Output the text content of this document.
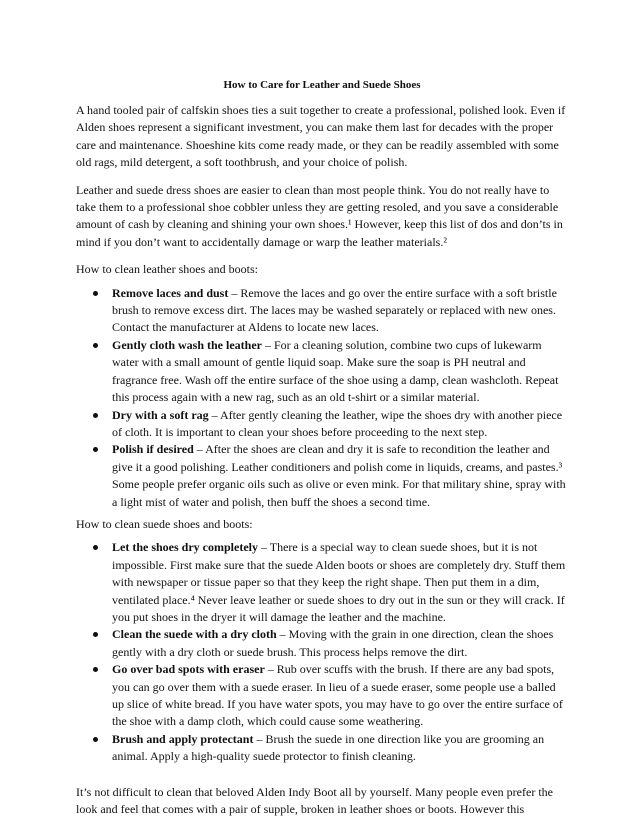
How to Care for Leather and Suede Shoes

A hand tooled pair of calfskin shoes ties a suit together to create a professional, polished look. Even if Alden shoes represent a significant investment, you can make them last for decades with the proper care and maintenance. Shoeshine kits come ready made, or they can be readily assembled with some old rags, mild detergent, a soft toothbrush, and your choice of polish.

Leather and suede dress shoes are easier to clean than most people think. You do not really have to take them to a professional shoe cobbler unless they are getting resoled, and you save a considerable amount of cash by cleaning and shining your own shoes.¹ However, keep this list of dos and don’ts in mind if you don’t want to accidentally damage or warp the leather materials.²

How to clean leather shoes and boots:

Remove laces and dust – Remove the laces and go over the entire surface with a soft bristle brush to remove excess dirt. The laces may be washed separately or replaced with new ones. Contact the manufacturer at Aldens to locate new laces.
Gently cloth wash the leather – For a cleaning solution, combine two cups of lukewarm water with a small amount of gentle liquid soap. Make sure the soap is PH neutral and fragrance free. Wash off the entire surface of the shoe using a damp, clean washcloth. Repeat this process again with a new rag, such as an old t-shirt or a similar material.
Dry with a soft rag – After gently cleaning the leather, wipe the shoes dry with another piece of cloth. It is important to clean your shoes before proceeding to the next step.
Polish if desired – After the shoes are clean and dry it is safe to recondition the leather and give it a good polishing. Leather conditioners and polish come in liquids, creams, and pastes.³ Some people prefer organic oils such as olive or even mink. For that military shine, spray with a light mist of water and polish, then buff the shoes a second time.

How to clean suede shoes and boots:

Let the shoes dry completely – There is a special way to clean suede shoes, but it is not impossible. First make sure that the suede Alden boots or shoes are completely dry. Stuff them with newspaper or tissue paper so that they keep the right shape. Then put them in a dim, ventilated place.⁴ Never leave leather or suede shoes to dry out in the sun or they will crack. If you put shoes in the dryer it will damage the leather and the machine.
Clean the suede with a dry cloth – Moving with the grain in one direction, clean the shoes gently with a dry cloth or suede brush. This process helps remove the dirt.
Go over bad spots with eraser – Rub over scuffs with the brush. If there are any bad spots, you can go over them with a suede eraser. In lieu of a suede eraser, some people use a balled up slice of white bread. If you have water spots, you may have to go over the entire surface of the shoe with a damp cloth, which could cause some weathering.
Brush and apply protectant – Brush the suede in one direction like you are grooming an animal. Apply a high-quality suede protector to finish cleaning.

It’s not difficult to clean that beloved Alden Indy Boot all by yourself. Many people even prefer the look and feel that comes with a pair of supple, broken in leather shoes or boots. However this
